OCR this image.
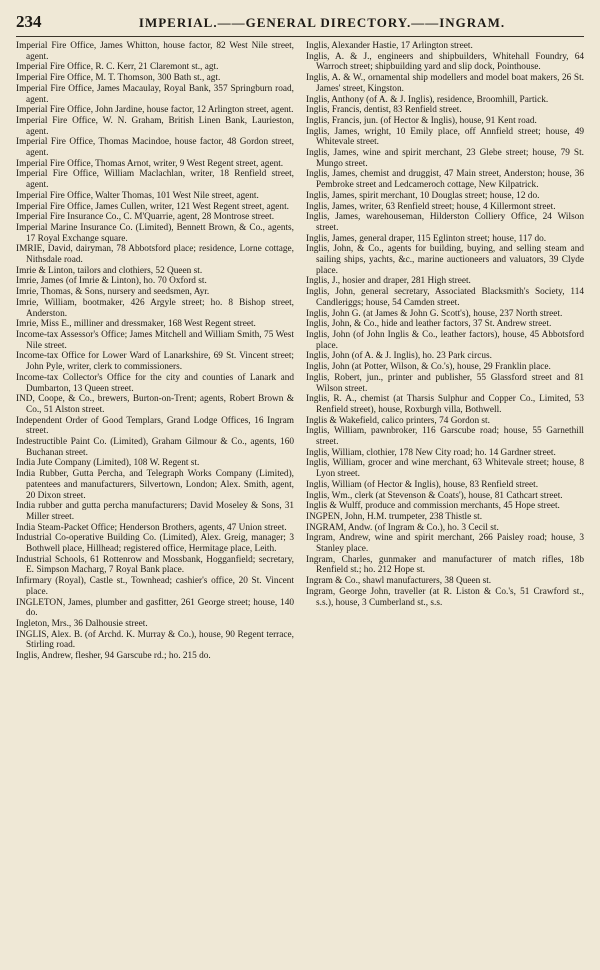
234	IMPERIAL.——GENERAL DIRECTORY.——INGRAM.

Imperial Fire Office, James Whitton, house factor, 82 West Nile street, agent.

Imperial Fire Office, R. C. Kerr, 21 Claremont st., agt.

Imperial Fire Office, M. T. Thomson, 300 Bath st., agt.

Imperial Fire Office, James Macaulay, Royal Bank, 357 Springburn road, agent.

Imperial Fire Office, John Jardine, house factor, 12 Arlington street, agent.

Imperial Fire Office, W. N. Graham, British Linen Bank, Laurieston, agent.

Imperial Fire Office, Thomas Macindoe, house factor, 48 Gordon street, agent.

Imperial Fire Office, Thomas Arnot, writer, 9 West Regent street, agent.

Imperial Fire Office, William Maclachlan, writer, 18 Renfield street, agent.

Imperial Fire Office, Walter Thomas, 101 West Nile street, agent.

Imperial Fire Office, James Cullen, writer, 121 West Regent street, agent.

Imperial Fire Insurance Co., C. M'Quarrie, agent, 28 Montrose street.

Imperial Marine Insurance Co. (Limited), Bennett Brown, & Co., agents, 17 Royal Exchange square.

IMRIE, David, dairyman, 78 Abbotsford place; residence, Lorne cottage, Nithsdale road.

Imrie & Linton, tailors and clothiers, 52 Queen st.

Imrie, James (of Imrie & Linton), ho. 70 Oxford st.

Imrie, Thomas, & Sons, nursery and seedsmen, Ayr.

Imrie, William, bootmaker, 426 Argyle street; ho. 8 Bishop street, Anderston.

Imrie, Miss E., milliner and dressmaker, 168 West Regent street.

Income-tax Assessor's Office; James Mitchell and William Smith, 75 West Nile street.

Income-tax Office for Lower Ward of Lanarkshire, 69 St. Vincent street; John Pyle, writer, clerk to commissioners.

Income-tax Collector's Office for the city and counties of Lanark and Dumbarton, 13 Queen street.

IND, Coope, & Co., brewers, Burton-on-Trent; agents, Robert Brown & Co., 51 Alston street.

Independent Order of Good Templars, Grand Lodge Offices, 16 Ingram street.

Indestructible Paint Co. (Limited), Graham Gilmour & Co., agents, 160 Buchanan street.

India Jute Company (Limited), 108 W. Regent st.

India Rubber, Gutta Percha, and Telegraph Works Company (Limited), patentees and manufacturers, Silvertown, London; Alex. Smith, agent, 20 Dixon street.

India rubber and gutta percha manufacturers; David Moseley & Sons, 31 Miller street.

India Steam-Packet Office; Henderson Brothers, agents, 47 Union street.

Industrial Co-operative Building Co. (Limited), Alex. Greig, manager; 3 Bothwell place, Hillhead; registered office, Hermitage place, Leith.

Industrial Schools, 61 Rottenrow and Mossbank, Hogganfield; secretary, E. Simpson Macharg, 7 Royal Bank place.

Infirmary (Royal), Castle st., Townhead; cashier's office, 20 St. Vincent place.

INGLETON, James, plumber and gasfitter, 261 George street; house, 140 do.

Ingleton, Mrs., 36 Dalhousie street.

INGLIS, Alex. B. (of Archd. K. Murray & Co.), house, 90 Regent terrace, Stirling road.

Inglis, Andrew, flesher, 94 Garscube rd.; ho. 215 do.

Inglis, Alexander Hastie, 17 Arlington street.

Inglis, A. & J., engineers and shipbuilders, Whitehall Foundry, 64 Warroch street; shipbuilding yard and slip dock, Pointhouse.

Inglis, A. & W., ornamental ship modellers and model boat makers, 26 St. James' street, Kingston.

Inglis, Anthony (of A. & J. Inglis), residence, Broomhill, Partick.

Inglis, Francis, dentist, 83 Renfield street.

Inglis, Francis, jun. (of Hector & Inglis), house, 91 Kent road.

Inglis, James, wright, 10 Emily place, off Annfield street; house, 49 Whitevale street.

Inglis, James, wine and spirit merchant, 23 Glebe street; house, 79 St. Mungo street.

Inglis, James, chemist and druggist, 47 Main street, Anderston; house, 36 Pembroke street and Ledcameroch cottage, New Kilpatrick.

Inglis, James, spirit merchant, 10 Douglas street; house, 12 do.

Inglis, James, writer, 63 Renfield street; house, 4 Killermont street.

Inglis, James, warehouseman, Hilderston Colliery Office, 24 Wilson street.

Inglis, James, general draper, 115 Eglinton street; house, 117 do.

Inglis, John, & Co., agents for building, buying, and selling steam and sailing ships, yachts, &c., marine auctioneers and valuators, 39 Clyde place.

Inglis, J., hosier and draper, 281 High street.

Inglis, John, general secretary, Associated Blacksmith's Society, 114 Candleriggs; house, 54 Camden street.

Inglis, John G. (at James & John G. Scott's), house, 237 North street.

Inglis, John, & Co., hide and leather factors, 37 St. Andrew street.

Inglis, John (of John Inglis & Co., leather factors), house, 45 Abbotsford place.

Inglis, John (of A. & J. Inglis), ho. 23 Park circus.

Inglis, John (at Potter, Wilson, & Co.'s), house, 29 Franklin place.

Inglis, Robert, jun., printer and publisher, 55 Glassford street and 81 Wilson street.

Inglis, R. A., chemist (at Tharsis Sulphur and Copper Co., Limited, 53 Renfield street), house, Roxburgh villa, Bothwell.

Inglis & Wakefield, calico printers, 74 Gordon st.

Inglis, William, pawnbroker, 116 Garscube road; house, 55 Garnethill street.

Inglis, William, clothier, 178 New City road; ho. 14 Gardner street.

Inglis, William, grocer and wine merchant, 63 Whitevale street; house, 8 Lyon street.

Inglis, William (of Hector & Inglis), house, 83 Renfield street.

Inglis, Wm., clerk (at Stevenson & Coats'), house, 81 Cathcart street.

Inglis & Wulff, produce and commission merchants, 45 Hope street.

INGPEN, John, H.M. trumpeter, 238 Thistle st.

INGRAM, Andw. (of Ingram & Co.), ho. 3 Cecil st.

Ingram, Andrew, wine and spirit merchant, 266 Paisley road; house, 3 Stanley place.

Ingram, Charles, gunmaker and manufacturer of match rifles, 18b Renfield st.; ho. 212 Hope st.

Ingram & Co., shawl manufacturers, 38 Queen st.

Ingram, George John, traveller (at R. Liston & Co.'s, 51 Crawford st., s.s.), house, 3 Cumberland st., s.s.
